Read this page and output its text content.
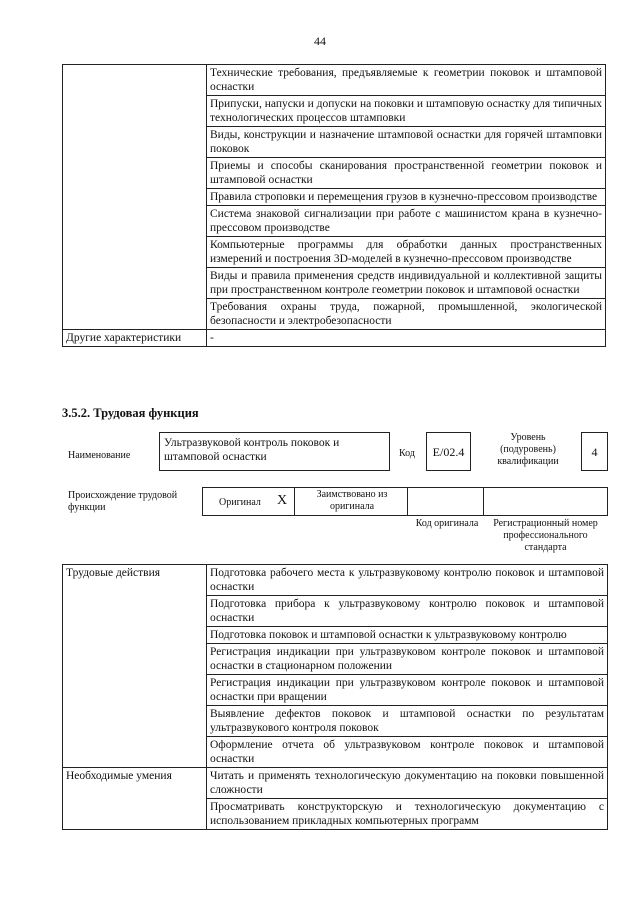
44
	Технические требования, предъявляемые к геометрии поковок и штамповой оснастки
	Припуски, напуски и допуски на поковки и штамповую оснастку для типичных технологических процессов штамповки
	Виды, конструкции и назначение штамповой оснастки для горячей штамповки поковок
	Приемы и способы сканирования пространственной геометрии поковок и штамповой оснастки
	Правила строповки и перемещения грузов в кузнечно-прессовом производстве
	Система знаковой сигнализации при работе с машинистом крана в кузнечно-прессовом производстве
	Компьютерные программы для обработки данных пространственных измерений и построения 3D-моделей в кузнечно-прессовом производстве
	Виды и правила применения средств индивидуальной и коллективной защиты при пространственном контроле геометрии поковок и штамповой оснастки
	Требования охраны труда, пожарной, промышленной, экологической безопасности и электробезопасности
Другие характеристики	-
3.5.2. Трудовая функция
Наименование
Ультразвуковой контроль поковок и штамповой оснастки	Код	E/02.4
Уровень (подуровень) квалификации
4
Происхождение трудовой функции	Оригинал X	Заимствовано из оригинала
Код оригинала	Регистрационный номер профессионального стандарта
Трудовые действия	Подготовка рабочего места к ультразвуковому контролю поковок и штамповой оснастки
	Подготовка прибора к ультразвуковому контролю поковок и штамповой оснастки
	Подготовка поковок и штамповой оснастки к ультразвуковому контролю
	Регистрация индикации при ультразвуковом контроле поковок и штамповой оснастки в стационарном положении
	Регистрация индикации при ультразвуковом контроле поковок и штамповой оснастки при вращении
	Выявление дефектов поковок и штамповой оснастки по результатам ультразвукового контроля поковок
	Оформление отчета об ультразвуковом контроле поковок и штамповой оснастки
Необходимые умения	Читать и применять технологическую документацию на поковки повышенной сложности
	Просматривать конструкторскую и технологическую документацию с использованием прикладных компьютерных программ
